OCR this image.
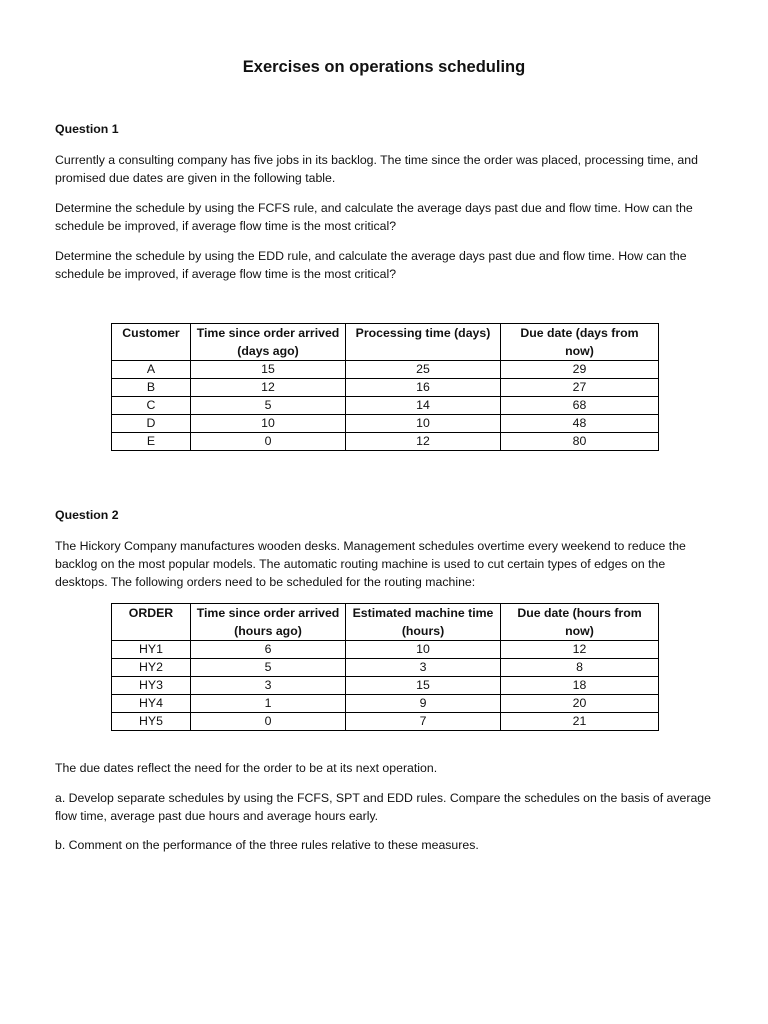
Exercises on operations scheduling
Question 1

Currently a consulting company has five jobs in its backlog. The time since the order was placed, processing time, and promised due dates are given in the following table.

Determine the schedule by using the FCFS rule, and calculate the average days past due and flow time. How can the schedule be improved, if average flow time is the most critical?

Determine the schedule by using the EDD rule, and calculate the average days past due and flow time. How can the schedule be improved, if average flow time is the most critical?

Customer	Time since order arrived (days ago)	Processing time (days)	Due date (days from now)
A	15	25	29
B	12	16	27
C	5	14	68
D	10	10	48
E	0	12	80
Question 2

The Hickory Company manufactures wooden desks. Management schedules overtime every weekend to reduce the backlog on the most popular models. The automatic routing machine is used to cut certain types of edges on the desktops. The following orders need to be scheduled for the routing machine:

ORDER	Time since order arrived (hours ago)	Estimated machine time (hours)	Due date (hours from now)
HY1	6	10	12
HY2	5	3	8
HY3	3	15	18
HY4	1	9	20
HY5	0	7	21

The due dates reflect the need for the order to be at its next operation.

a. Develop separate schedules by using the FCFS, SPT and EDD rules. Compare the schedules on the basis of average flow time, average past due hours and average hours early.

b. Comment on the performance of the three rules relative to these measures.
